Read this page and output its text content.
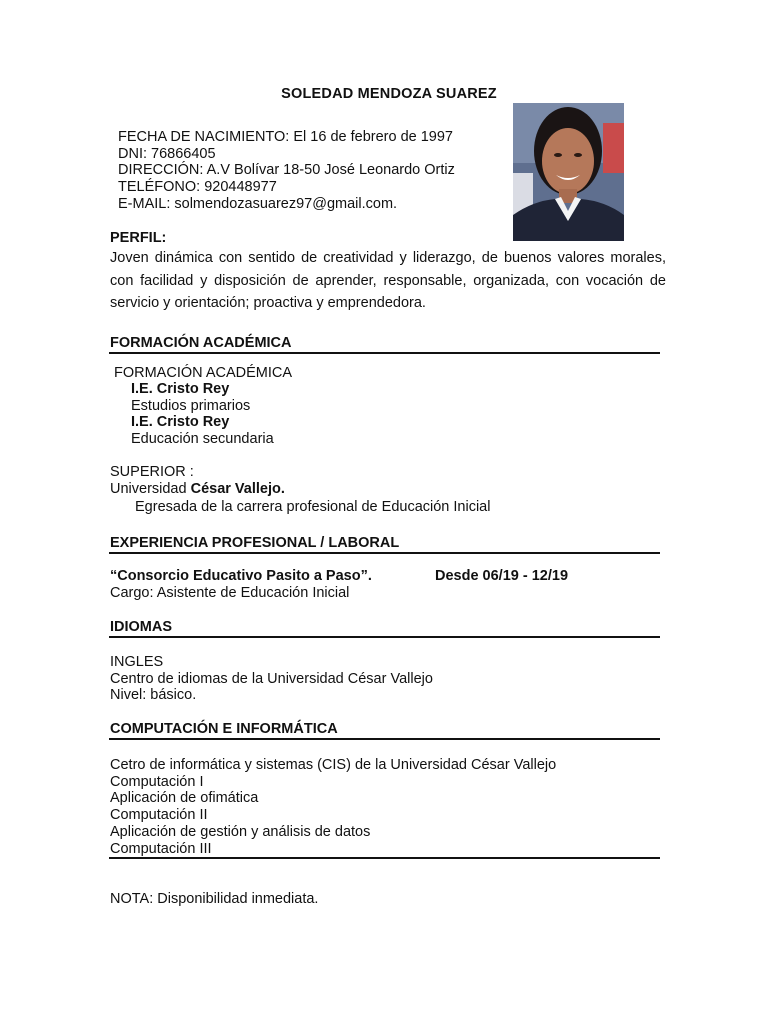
SOLEDAD MENDOZA SUAREZ
FECHA DE NACIMIENTO: El 16 de febrero de 1997
DNI: 76866405
DIRECCIÓN: A.V Bolívar 18-50 José Leonardo Ortiz
TELÉFONO: 920448977
E-MAIL: solmendozasuarez97@gmail.com.
PERFIL:
Joven dinámica con sentido de creatividad y liderazgo, de buenos valores morales, con facilidad y disposición de aprender, responsable, organizada, con vocación de servicio y orientación; proactiva y emprendedora.
FORMACIÓN ACADÉMICA
FORMACIÓN ACADÉMICA
I.E. Cristo Rey
Estudios primarios
I.E. Cristo Rey
Educación secundaria
SUPERIOR :
Universidad César Vallejo.
Egresada de la carrera profesional de Educación Inicial
EXPERIENCIA PROFESIONAL / LABORAL
“Consorcio Educativo Pasito a Paso”.	Desde 06/19 - 12/19
Cargo: Asistente de Educación Inicial
IDIOMAS
INGLES
Centro de idiomas de la Universidad César Vallejo
Nivel: básico.
COMPUTACIÓN E INFORMÁTICA
Cetro de informática y sistemas (CIS) de la Universidad César Vallejo
Computación I
Aplicación de ofimática
Computación II
Aplicación de gestión y análisis de datos
Computación III
NOTA: Disponibilidad inmediata.
